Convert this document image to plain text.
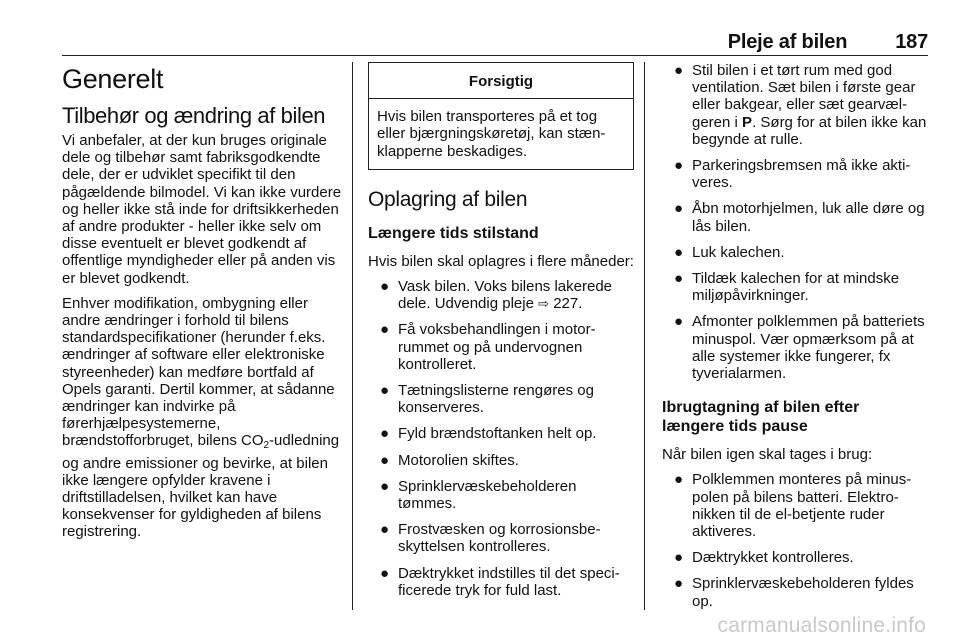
Pleje af bilen 187
Generelt
Tilbehør og ændring af bilen

Vi anbefaler, at der kun bruges originale dele og tilbehør samt fabriksgodkendte dele, der er udviklet specifikt til den pågældende bilmodel. Vi kan ikke vurdere og heller ikke stå inde for driftsikkerheden af andre produkter - heller ikke selv om disse eventuelt er blevet godkendt af offentlige myndigheder eller på anden vis er blevet godkendt.

Enhver modifikation, ombygning eller andre ændringer i forhold til bilens standardspecifikationer (herunder f.eks. ændringer af software eller elektroniske styreenheder) kan medføre bortfald af Opels garanti. Dertil kommer, at sådanne ændringer kan indvirke på førerhjælpesystemerne, brændstofforbruget, bilens $CO_2$-udledning og andre emissioner og bevirke, at bilen ikke længere opfylder kravene i driftstilladelsen, hvilket kan have konsekvenser for gyldigheden af bilens registrering.

Forsigtig
Hvis bilen transporteres på et tog eller bjærgningskøretøj, kan stænklapperne beskadiges.
Oplagring af bilen
Længere tids stilstand

Hvis bilen skal oplagres i flere måneder:

● Vask bilen. Voks bilens lakerede dele. Udvendig pleje ⇨ 227.
● Få voksbehandlingen i motorrummet og på undervognen kontrolleret.
● Tætningslisterne rengøres og konserveres.
● Fyld brændstoftanken helt op.
● Motorolien skiftes.
● Sprinklervæskebeholderen tømmes.
● Frostvæsken og korrosionsbeskyttelsen kontrolleres.
● Dæktrykket indstilles til det specificerede tryk for fuld last.
● Stil bilen i et tørt rum med god ventilation. Sæt bilen i første gear eller bakgear, eller sæt gearvælgeren i P. Sørg for at bilen ikke kan begynde at rulle.
● Parkeringsbremsen må ikke aktiveres.
● Åbn motorhjelmen, luk alle døre og lås bilen.
● Luk kalechen.
● Tildæk kalechen for at mindske miljøpåvirkninger.
● Afmonter polklemmen på batteriets minuspol. Vær opmærksom på at alle systemer ikke fungerer, fx tyverialarmen.
Ibrugtagning af bilen efter
længere tids pause

Når bilen igen skal tages i brug:

● Polklemmen monteres på minuspolen på bilens batteri. Elektronikken til de el-betjente ruder aktiveres.
● Dæktrykket kontrolleres.
● Sprinklervæskebeholderen fyldes op.
carmanualsonline.info
